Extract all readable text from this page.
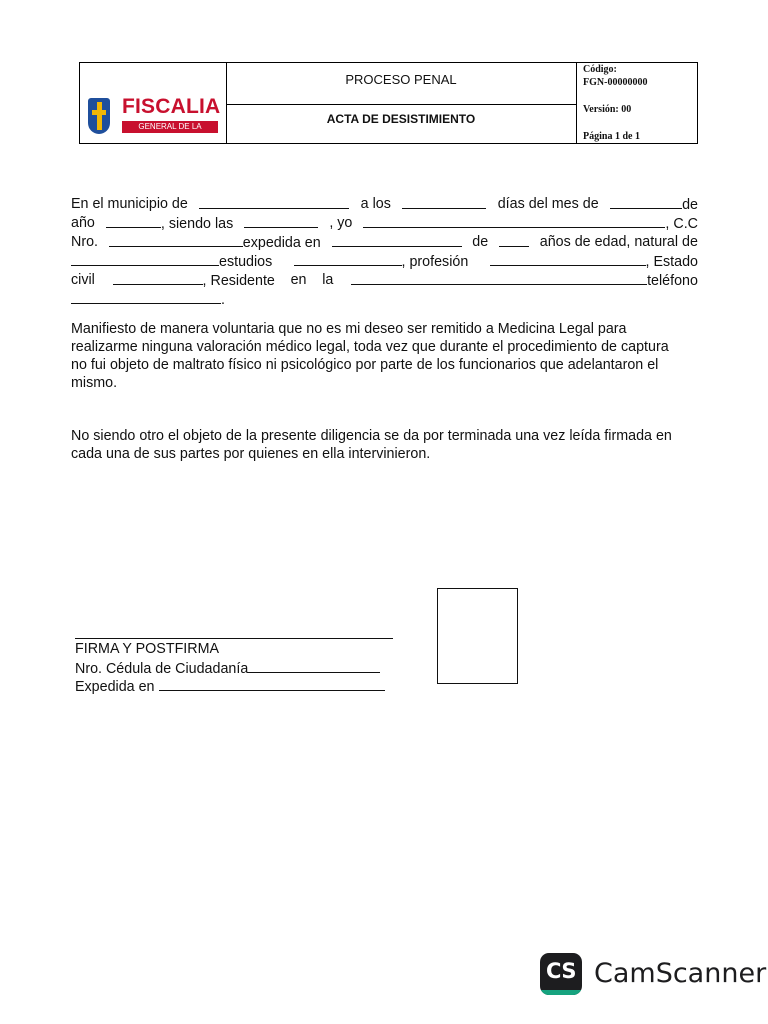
FISCALIA
GENERAL DE LA NACION
PROCESO PENAL
ACTA DE DESISTIMIENTO
Código:
FGN-00000000
Versión: 00
Página 1 de 1
En el municipio de	a los	días del mes de	de
año	, siendo las	, yo	, C.C
Nro.	expedida en	de	años de edad, natural de
estudios	, profesión	, Estado
civil	, Residente en la	teléfono
.
Manifiesto de manera voluntaria que no es mi deseo ser remitido a Medicina Legal para
realizarme ninguna valoración médico legal, toda vez que durante el procedimiento de captura
no fui objeto de maltrato físico ni psicológico por parte de los funcionarios que adelantaron el
mismo.
No siendo otro el objeto de la presente diligencia se da por terminada una vez leída firmada en
cada una de sus partes por quienes en ella intervinieron.
FIRMA Y POSTFIRMA
Nro. Cédula de Ciudadanía
Expedida en
CS CamScanner
